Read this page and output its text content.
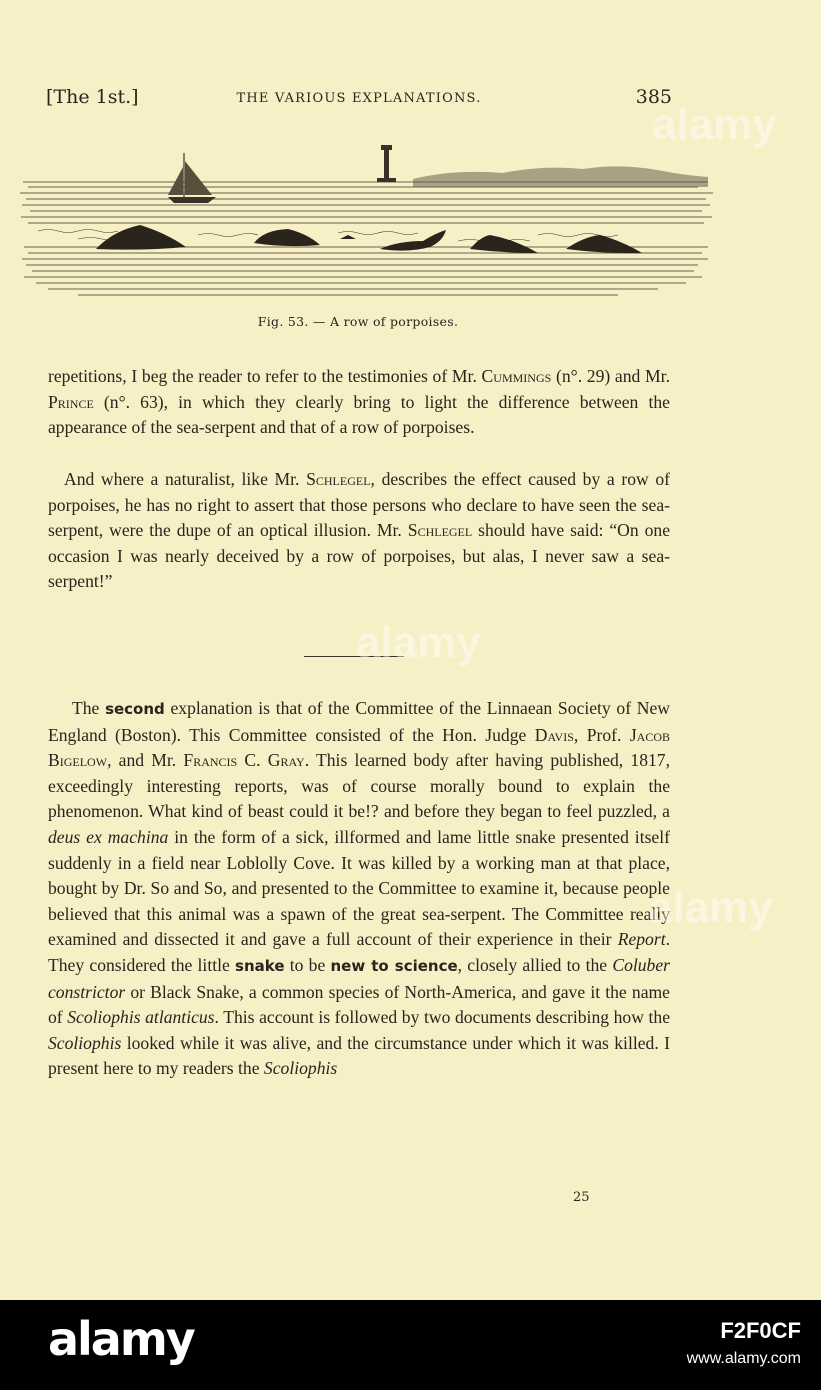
[The 1st.]	THE VARIOUS EXPLANATIONS.	385
Fig. 53. — A row of porpoises.

repetitions, I beg the reader to refer to the testimonies of Mr. Cummings (n°. 29) and Mr. Prince (n°. 63), in which they clearly bring to light the difference between the appearance of the sea-serpent and that of a row of porpoises.

And where a naturalist, like Mr. Schlegel, describes the effect caused by a row of porpoises, he has no right to assert that those persons who declare to have seen the sea-serpent, were the dupe of an optical illusion. Mr. Schlegel should have said: “On one occasion I was nearly deceived by a row of porpoises, but alas, I never saw a sea-serpent!”

The second explanation is that of the Committee of the Linnaean Society of New England (Boston). This Committee consisted of the Hon. Judge Davis, Prof. Jacob Bigelow, and Mr. Francis C. Gray. This learned body after having published, 1817, exceedingly interesting reports, was of course morally bound to explain the phenomenon. What kind of beast could it be!? and before they began to feel puzzled, a deus ex machina in the form of a sick, illformed and lame little snake presented itself suddenly in a field near Loblolly Cove. It was killed by a working man at that place, bought by Dr. So and So, and presented to the Committee to examine it, because people believed that this animal was a spawn of the great sea-serpent. The Committee really examined and dissected it and gave a full account of their experience in their Report. They considered the little snake to be new to science, closely allied to the Coluber constrictor or Black Snake, a common species of North-America, and gave it the name of Scoliophis atlanticus. This account is followed by two documents describing how the Scoliophis looked while it was alive, and the circumstance under which it was killed. I present here to my readers the Scoliophis

25
alamy
alamy
alamy
alamy	F2F0CF
www.alamy.com
